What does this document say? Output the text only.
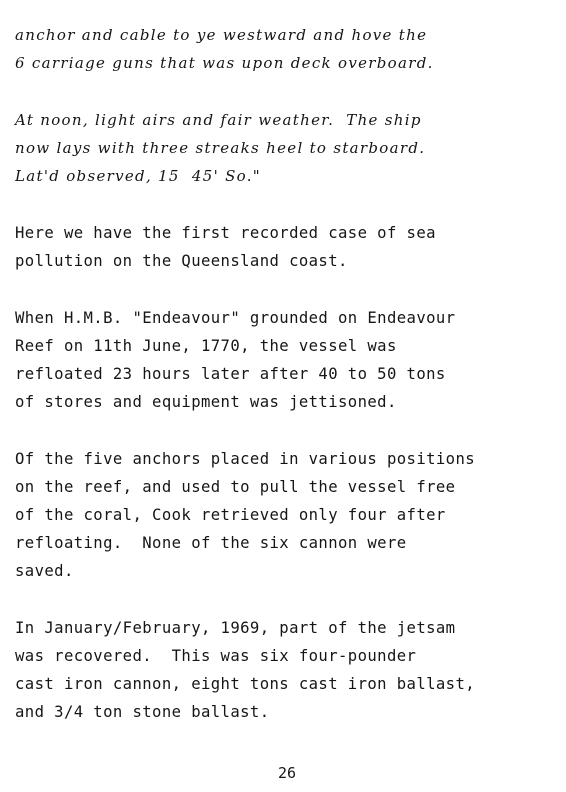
anchor and cable to ye westward and hove the
6 carriage guns that was upon deck overboard.
At noon, light airs and fair weather.  The ship
now lays with three streaks heel to starboard.
Lat'd observed, 15  45' So."
Here we have the first recorded case of sea
pollution on the Queensland coast.
When H.M.B. "Endeavour" grounded on Endeavour
Reef on 11th June, 1770, the vessel was
refloated 23 hours later after 40 to 50 tons
of stores and equipment was jettisoned.
Of the five anchors placed in various positions
on the reef, and used to pull the vessel free
of the coral, Cook retrieved only four after
refloating.  None of the six cannon were
saved.
In January/February, 1969, part of the jetsam
was recovered.  This was six four-pounder
cast iron cannon, eight tons cast iron ballast,
and 3/4 ton stone ballast.
26
